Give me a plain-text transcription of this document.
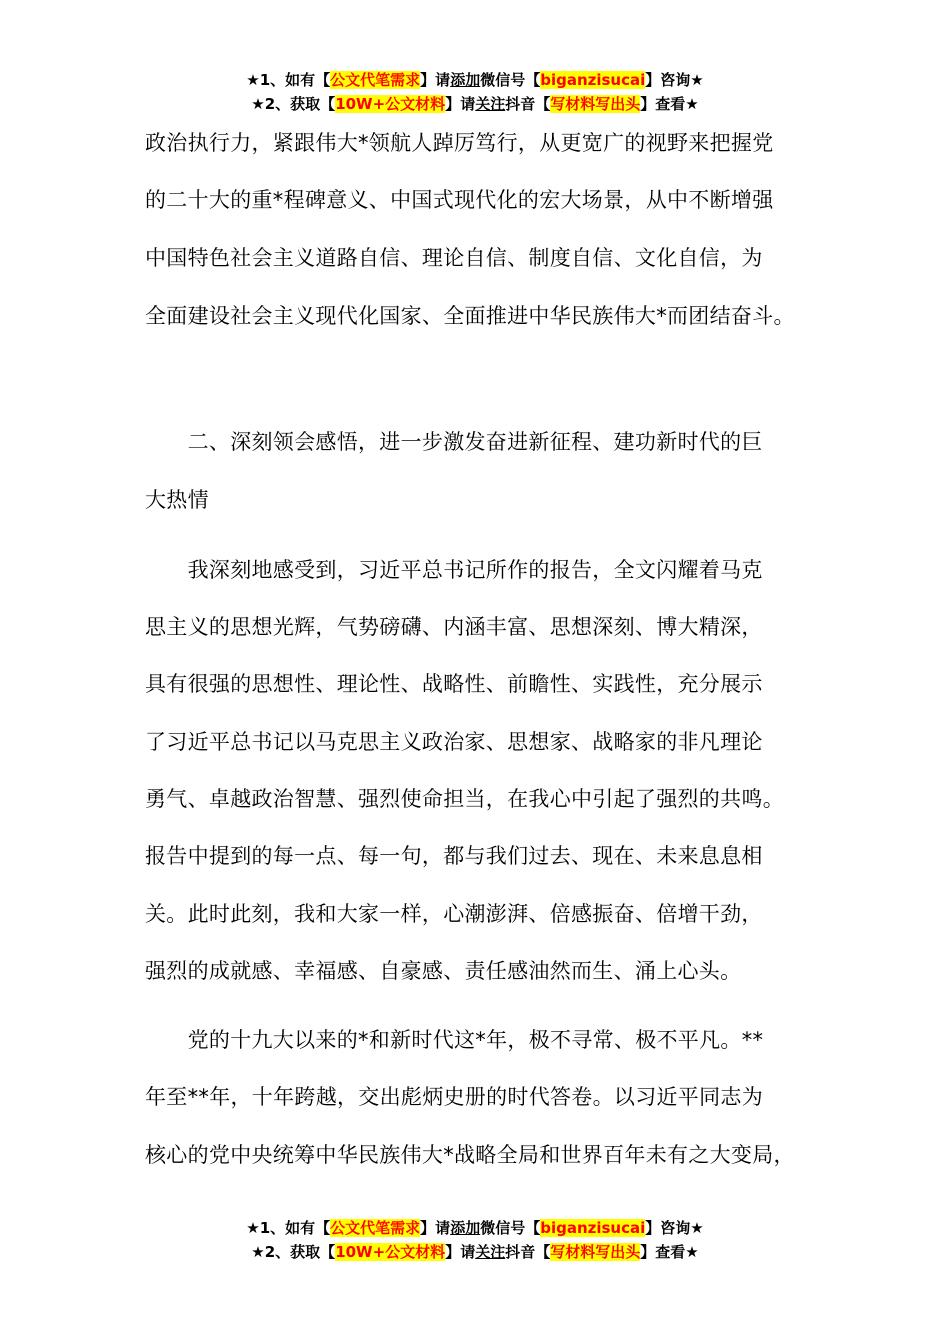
★1、如有【公文代笔需求】请添加微信号【biganzisucai】咨询★
★2、获取【10W+公文材料】请关注抖音【写材料写出头】查看★
政治执行力，紧跟伟大*领航人踔厉笃行，从更宽广的视野来把握党
的二十大的重*程碑意义、中国式现代化的宏大场景，从中不断增强
中国特色社会主义道路自信、理论自信、制度自信、文化自信，为
全面建设社会主义现代化国家、全面推进中华民族伟大*而团结奋斗。
　　二、深刻领会感悟，进一步激发奋进新征程、建功新时代的巨
大热情
　　我深刻地感受到，习近平总书记所作的报告，全文闪耀着马克
思主义的思想光辉，气势磅礴、内涵丰富、思想深刻、博大精深，
具有很强的思想性、理论性、战略性、前瞻性、实践性，充分展示
了习近平总书记以马克思主义政治家、思想家、战略家的非凡理论
勇气、卓越政治智慧、强烈使命担当，在我心中引起了强烈的共鸣。
报告中提到的每一点、每一句，都与我们过去、现在、未来息息相
关。此时此刻，我和大家一样，心潮澎湃、倍感振奋、倍增干劲，
强烈的成就感、幸福感、自豪感、责任感油然而生、涌上心头。
　　党的十九大以来的*和新时代这*年，极不寻常、极不平凡。**
年至**年，十年跨越，交出彪炳史册的时代答卷。以习近平同志为
核心的党中央统筹中华民族伟大*战略全局和世界百年未有之大变局，
★1、如有【公文代笔需求】请添加微信号【biganzisucai】咨询★
★2、获取【10W+公文材料】请关注抖音【写材料写出头】查看★
